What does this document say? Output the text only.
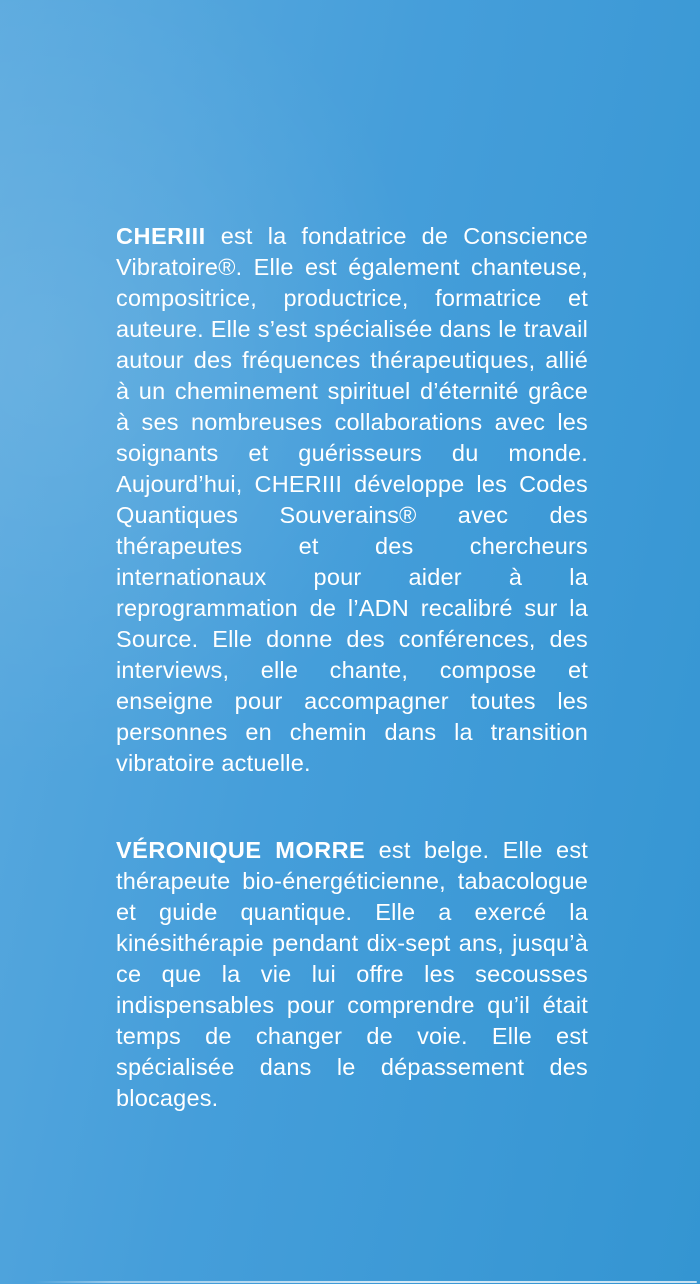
CHERIII est la fondatrice de Conscience Vibratoire®. Elle est également chanteuse, compositrice, productrice, formatrice et auteure. Elle s’est spécialisée dans le travail autour des fréquences thérapeutiques, allié à un cheminement spirituel d’éternité grâce à ses nombreuses collaborations avec les soignants et guérisseurs du monde. Aujourd’hui, CHERIII développe les Codes Quantiques Souverains® avec des thérapeutes et des chercheurs internationaux pour aider à la reprogrammation de l’ADN recalibré sur la Source. Elle donne des conférences, des interviews, elle chante, compose et enseigne pour accompagner toutes les personnes en chemin dans la transition vibratoire actuelle.

VÉRONIQUE MORRE est belge. Elle est thérapeute bio-énergéticienne, tabacologue et guide quantique. Elle a exercé la kinésithérapie pendant dix-sept ans, jusqu’à ce que la vie lui offre les secousses indispensables pour comprendre qu’il était temps de changer de voie. Elle est spécialisée dans le dépassement des blocages.
